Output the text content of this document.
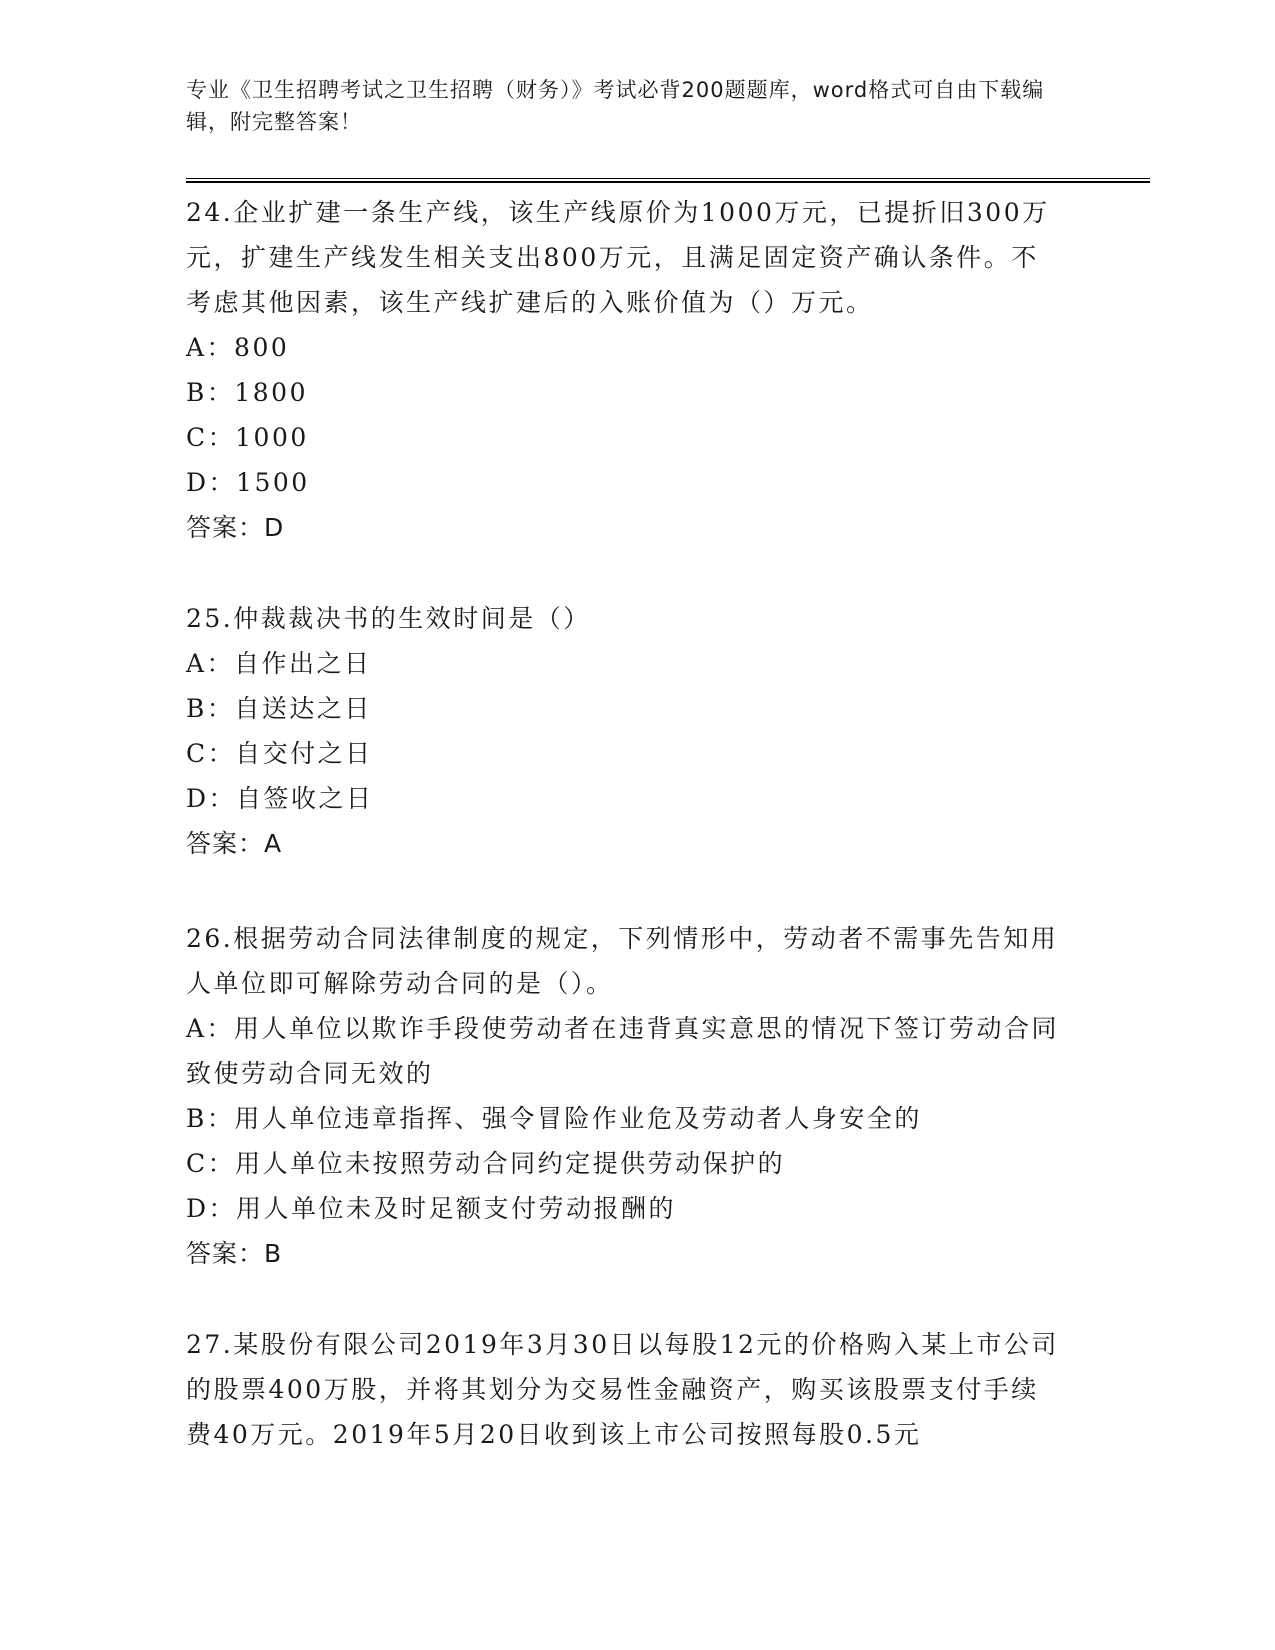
专业《卫生招聘考试之卫生招聘（财务）》考试必背200题题库，word格式可自由下载编辑，附完整答案！
24.企业扩建一条生产线，该生产线原价为1000万元，已提折旧300万元，扩建生产线发生相关支出800万元，且满足固定资产确认条件。不考虑其他因素，该生产线扩建后的入账价值为（）万元。
A：800
B：1800
C：1000
D：1500
答案：D
25.仲裁裁决书的生效时间是（）
A：自作出之日
B：自送达之日
C：自交付之日
D：自签收之日
答案：A
26.根据劳动合同法律制度的规定，下列情形中，劳动者不需事先告知用人单位即可解除劳动合同的是（）。
A：用人单位以欺诈手段使劳动者在违背真实意思的情况下签订劳动合同致使劳动合同无效的
B：用人单位违章指挥、强令冒险作业危及劳动者人身安全的
C：用人单位未按照劳动合同约定提供劳动保护的
D：用人单位未及时足额支付劳动报酬的
答案：B
27.某股份有限公司2019年3月30日以每股12元的价格购入某上市公司的股票400万股，并将其划分为交易性金融资产，购买该股票支付手续费40万元。2019年5月20日收到该上市公司按照每股0.5元
